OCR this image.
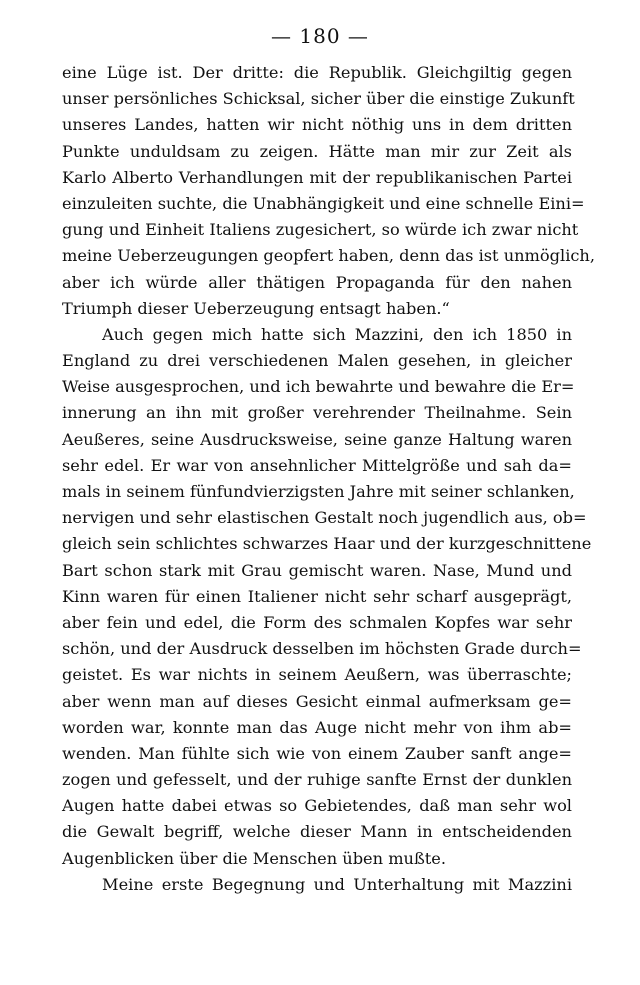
— 180 —
eine Lüge ist. Der dritte: die Republik. Gleichgiltig gegen
unser persönliches Schicksal, sicher über die einstige Zukunft
unseres Landes, hatten wir nicht nöthig uns in dem dritten
Punkte unduldsam zu zeigen. Hätte man mir zur Zeit als
Karlo Alberto Verhandlungen mit der republikanischen Partei
einzuleiten suchte, die Unabhängigkeit und eine schnelle Eini=
gung und Einheit Italiens zugesichert, so würde ich zwar nicht
meine Ueberzeugungen geopfert haben, denn das ist unmöglich,
aber ich würde aller thätigen Propaganda für den nahen
Triumph dieser Ueberzeugung entsagt haben.“
Auch gegen mich hatte sich Mazzini, den ich 1850 in
England zu drei verschiedenen Malen gesehen, in gleicher
Weise ausgesprochen, und ich bewahrte und bewahre die Er=
innerung an ihn mit großer verehrender Theilnahme. Sein
Aeußeres, seine Ausdrucksweise, seine ganze Haltung waren
sehr edel. Er war von ansehnlicher Mittelgröße und sah da=
mals in seinem fünfundvierzigsten Jahre mit seiner schlanken,
nervigen und sehr elastischen Gestalt noch jugendlich aus, ob=
gleich sein schlichtes schwarzes Haar und der kurzgeschnittene
Bart schon stark mit Grau gemischt waren. Nase, Mund und
Kinn waren für einen Italiener nicht sehr scharf ausgeprägt,
aber fein und edel, die Form des schmalen Kopfes war sehr
schön, und der Ausdruck desselben im höchsten Grade durch=
geistet. Es war nichts in seinem Aeußern, was überraschte;
aber wenn man auf dieses Gesicht einmal aufmerksam ge=
worden war, konnte man das Auge nicht mehr von ihm ab=
wenden. Man fühlte sich wie von einem Zauber sanft ange=
zogen und gefesselt, und der ruhige sanfte Ernst der dunklen
Augen hatte dabei etwas so Gebietendes, daß man sehr wol
die Gewalt begriff, welche dieser Mann in entscheidenden
Augenblicken über die Menschen üben mußte.
Meine erste Begegnung und Unterhaltung mit Mazzini
